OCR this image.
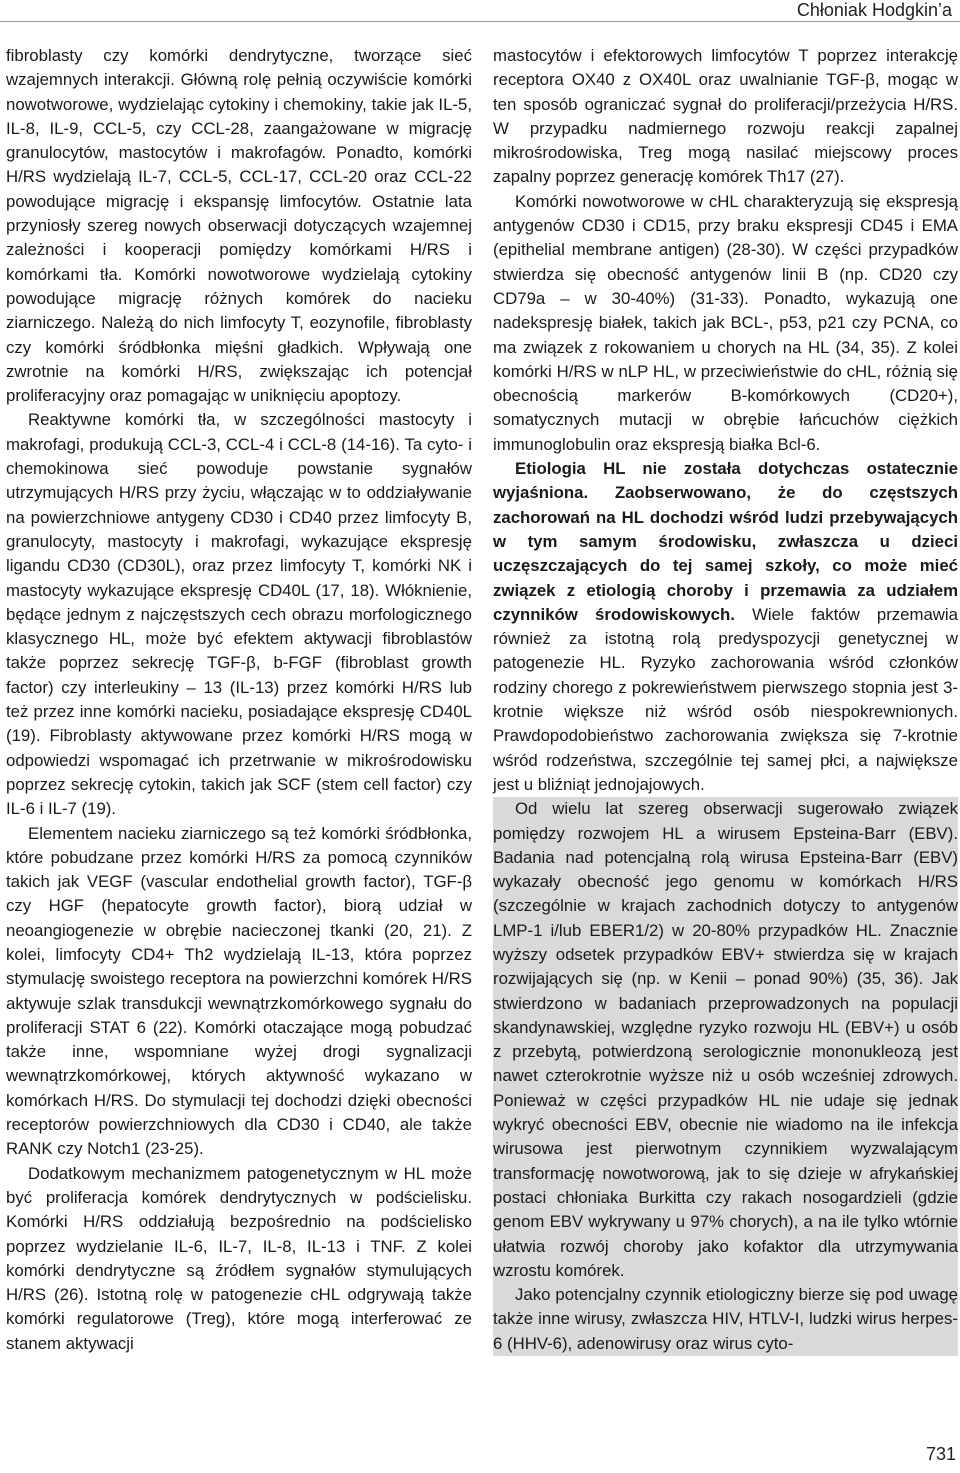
Chłoniak Hodgkin’a

fibroblasty czy komórki dendrytyczne, tworzące sieć wzajemnych interakcji. Główną rolę pełnią oczywiście komórki nowotworowe, wydzielając cytokiny i chemokiny, takie jak IL-5, IL-8, IL-9, CCL-5, czy CCL-28, zaangażowane w migrację granulocytów, mastocytów i makrofagów. Ponadto, komórki H/RS wydzielają IL-7, CCL-5, CCL-17, CCL-20 oraz CCL-22 powodujące migrację i ekspansję limfocytów. Ostatnie lata przyniosły szereg nowych obserwacji dotyczących wzajemnej zależności i kooperacji pomiędzy komórkami H/RS i komórkami tła. Komórki nowotworowe wydzielają cytokiny powodujące migrację różnych komórek do nacieku ziarniczego. Należą do nich limfocyty T, eozynofile, fibroblasty czy komórki śródbłonka mięśni gładkich. Wpływają one zwrotnie na komórki H/RS, zwiększając ich potencjał proliferacyjny oraz pomagając w uniknięciu apoptozy.

Reaktywne komórki tła, w szczególności mastocyty i makrofagi, produkują CCL-3, CCL-4 i CCL-8 (14-16). Ta cyto- i chemokinowa sieć powoduje powstanie sygnałów utrzymujących H/RS przy życiu, włączając w to oddziaływanie na powierzchniowe antygeny CD30 i CD40 przez limfocyty B, granulocyty, mastocyty i makrofagi, wykazujące ekspresję ligandu CD30 (CD30L), oraz przez limfocyty T, komórki NK i mastocyty wykazujące ekspresję CD40L (17, 18). Włóknienie, będące jednym z najczęstszych cech obrazu morfologicznego klasycznego HL, może być efektem aktywacji fibroblastów także poprzez sekrecję TGF-β, b-FGF (fibroblast growth factor) czy interleukiny – 13 (IL-13) przez komórki H/RS lub też przez inne komórki nacieku, posiadające ekspresję CD40L (19). Fibroblasty aktywowane przez komórki H/RS mogą w odpowiedzi wspomagać ich przetrwanie w mikrośrodowisku poprzez sekrecję cytokin, takich jak SCF (stem cell factor) czy IL-6 i IL-7 (19).

Elementem nacieku ziarniczego są też komórki śródbłonka, które pobudzane przez komórki H/RS za pomocą czynników takich jak VEGF (vascular endothelial growth factor), TGF-β czy HGF (hepatocyte growth factor), biorą udział w neoangiogenezie w obrębie nacieczonej tkanki (20, 21). Z kolei, limfocyty CD4+ Th2 wydzielają IL-13, która poprzez stymulację swoistego receptora na powierzchni komórek H/RS aktywuje szlak transdukcji wewnątrzkomórkowego sygnału do proliferacji STAT 6 (22). Komórki otaczające mogą pobudzać także inne, wspomniane wyżej drogi sygnalizacji wewnątrzkomórkowej, których aktywność wykazano w komórkach H/RS. Do stymulacji tej dochodzi dzięki obecności receptorów powierzchniowych dla CD30 i CD40, ale także RANK czy Notch1 (23-25).

Dodatkowym mechanizmem patogenetycznym w HL może być proliferacja komórek dendrytycznych w podścielisku. Komórki H/RS oddziałują bezpośrednio na podścielisko poprzez wydzielanie IL-6, IL-7, IL-8, IL-13 i TNF. Z kolei komórki dendrytyczne są źródłem sygnałów stymulujących H/RS (26). Istotną rolę w patogenezie cHL odgrywają także komórki regulatorowe (Treg), które mogą interferować ze stanem aktywacji

mastocytów i efektorowych limfocytów T poprzez interakcję receptora OX40 z OX40L oraz uwalnianie TGF-β, mogąc w ten sposób ograniczać sygnał do proliferacji/przeżycia H/RS. W przypadku nadmiernego rozwoju reakcji zapalnej mikrośrodowiska, Treg mogą nasilać miejscowy proces zapalny poprzez generację komórek Th17 (27).

Komórki nowotworowe w cHL charakteryzują się ekspresją antygenów CD30 i CD15, przy braku ekspresji CD45 i EMA (epithelial membrane antigen) (28-30). W części przypadków stwierdza się obecność antygenów linii B (np. CD20 czy CD79a – w 30-40%) (31-33). Ponadto, wykazują one nadekspresję białek, takich jak BCL-, p53, p21 czy PCNA, co ma związek z rokowaniem u chorych na HL (34, 35). Z kolei komórki H/RS w nLP HL, w przeciwieństwie do cHL, różnią się obecnością markerów B-komórkowych (CD20+), somatycznych mutacji w obrębie łańcuchów ciężkich immunoglobulin oraz ekspresją białka Bcl-6.

Etiologia HL nie została dotychczas ostatecznie wyjaśniona. Zaobserwowano, że do częstszych zachorowań na HL dochodzi wśród ludzi przebywających w tym samym środowisku, zwłaszcza u dzieci uczęszczających do tej samej szkoły, co może mieć związek z etiologią choroby i przemawia za udziałem czynników środowiskowych. Wiele faktów przemawia również za istotną rolą predyspozycji genetycznej w patogenezie HL. Ryzyko zachorowania wśród członków rodziny chorego z pokrewieństwem pierwszego stopnia jest 3-krotnie większe niż wśród osób niespokrewnionych. Prawdopodobieństwo zachorowania zwiększa się 7-krotnie wśród rodzeństwa, szczególnie tej samej płci, a największe jest u bliźniąt jednojajowych.

Od wielu lat szereg obserwacji sugerowało związek pomiędzy rozwojem HL a wirusem Epsteina-Barr (EBV). Badania nad potencjalną rolą wirusa Epsteina-Barr (EBV) wykazały obecność jego genomu w komórkach H/RS (szczególnie w krajach zachodnich dotyczy to antygenów LMP-1 i/lub EBER1/2) w 20-80% przypadków HL. Znacznie wyższy odsetek przypadków EBV+ stwierdza się w krajach rozwijających się (np. w Kenii – ponad 90%) (35, 36). Jak stwierdzono w badaniach przeprowadzonych na populacji skandynawskiej, względne ryzyko rozwoju HL (EBV+) u osób z przebytą, potwierdzoną serologicznie mononukleozą jest nawet czterokrotnie wyższe niż u osób wcześniej zdrowych. Ponieważ w części przypadków HL nie udaje się jednak wykryć obecności EBV, obecnie nie wiadomo na ile infekcja wirusowa jest pierwotnym czynnikiem wyzwalającym transformację nowotworową, jak to się dzieje w afrykańskiej postaci chłoniaka Burkitta czy rakach nosogardzieli (gdzie genom EBV wykrywany u 97% chorych), a na ile tylko wtórnie ułatwia rozwój choroby jako kofaktor dla utrzymywania wzrostu komórek.

Jako potencjalny czynnik etiologiczny bierze się pod uwagę także inne wirusy, zwłaszcza HIV, HTLV-I, ludzki wirus herpes-6 (HHV-6), adenowirusy oraz wirus cyto-

731
